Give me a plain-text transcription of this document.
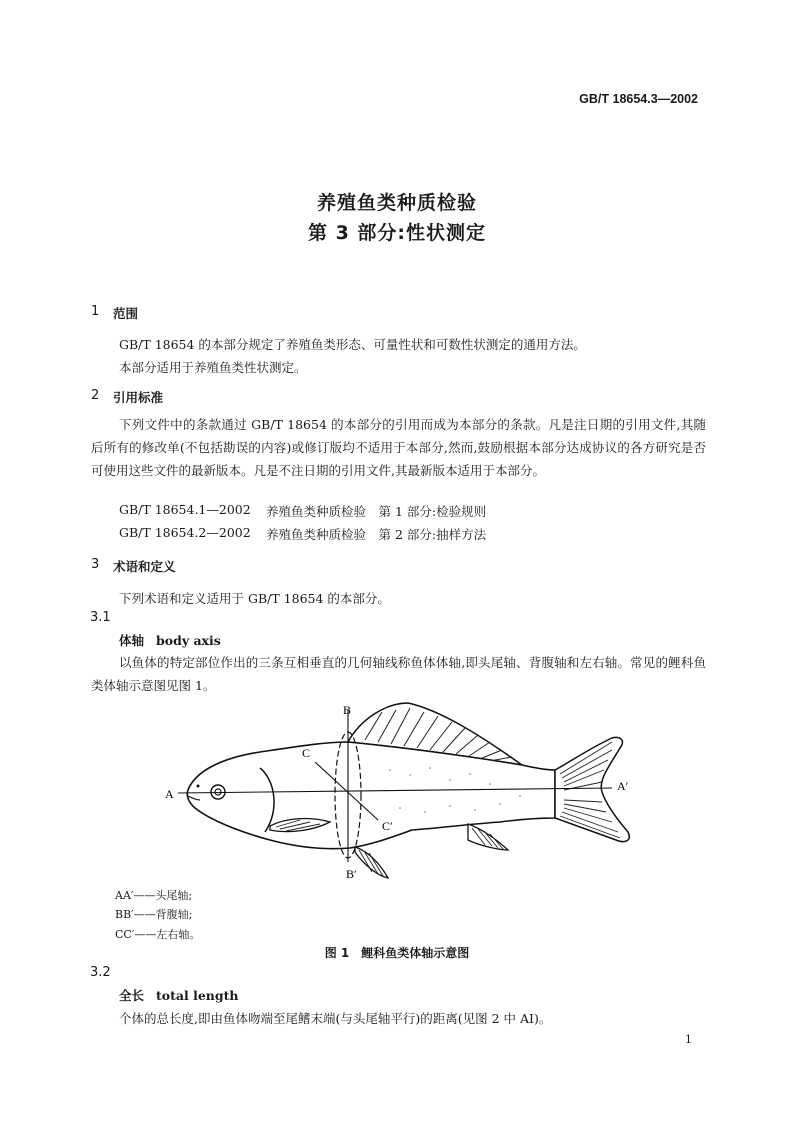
GB/T 18654.3—2002
养殖鱼类种质检验
第 3 部分:性状测定
1 范围
GB/T 18654 的本部分规定了养殖鱼类形态、可量性状和可数性状测定的通用方法。
本部分适用于养殖鱼类性状测定。
2 引用标准
下列文件中的条款通过 GB/T 18654 的本部分的引用而成为本部分的条款。凡是注日期的引用文件,其随后所有的修改单(不包括勘误的内容)或修订版均不适用于本部分,然而,鼓励根据本部分达成协议的各方研究是否可使用这些文件的最新版本。凡是不注日期的引用文件,其最新版本适用于本部分。
GB/T 18654.1—2002 养殖鱼类种质检验　第 1 部分:检验规则
GB/T 18654.2—2002 养殖鱼类种质检验　第 2 部分:抽样方法
3 术语和定义
下列术语和定义适用于 GB/T 18654 的本部分。
3.1
体轴 body axis
以鱼体的特定部位作出的三条互相垂直的几何轴线称鱼体体轴,即头尾轴、背腹轴和左右轴。常见的鲤科鱼类体轴示意图见图 1。
A
A′
B
B′
C
C′
AA′——头尾轴;
BB′——背腹轴;
CC′——左右轴。
图 1　鲤科鱼类体轴示意图
3.2
全长 total length
个体的总长度,即由鱼体吻端至尾鳍末端(与头尾轴平行)的距离(见图 2 中 AI)。
1
